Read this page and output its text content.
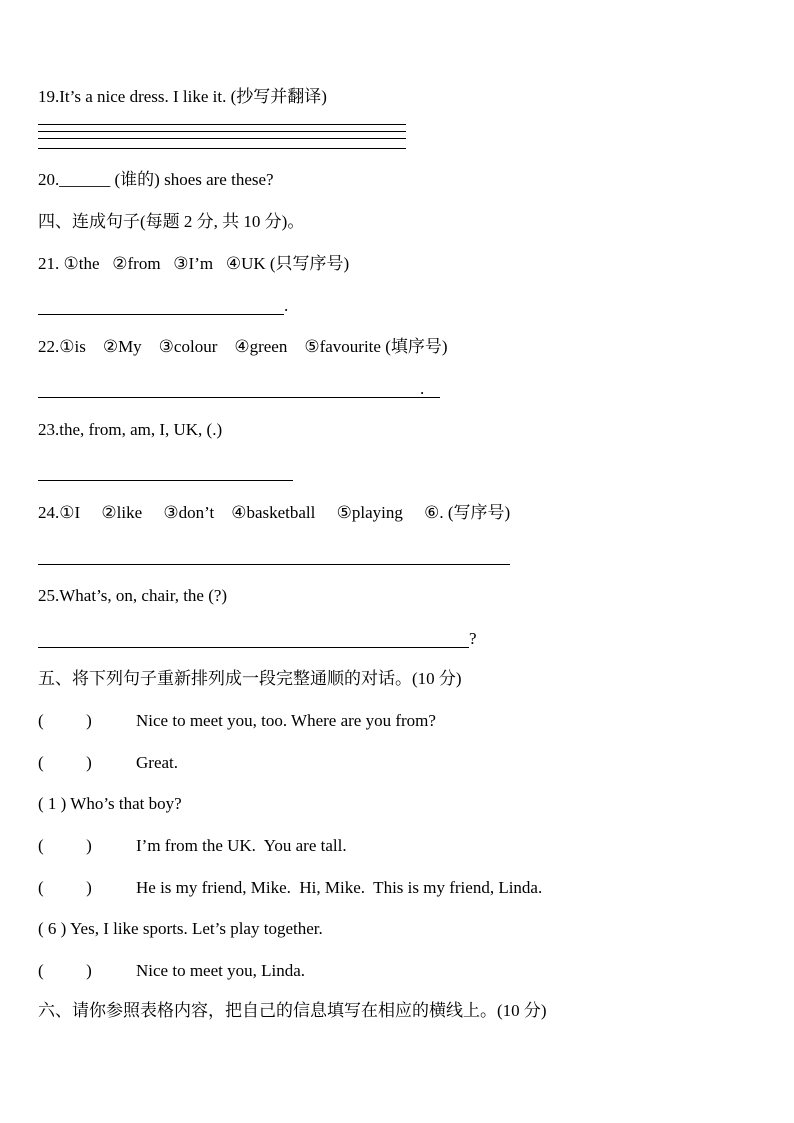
19.It’s a nice dress. I like it. (抄写并翻译)
20.______ (谁的) shoes are these?
四、连成句子(每题 2 分, 共 10 分)。
21. ①the   ②from   ③I’m   ④UK (只写序号)
.
22.①is    ②My    ③colour    ④green    ⑤favourite (填序号)
.
23.the, from, am, I, UK, (.)
24.①I     ②like     ③don’t    ④basketball     ⑤playing     ⑥. (写序号)
25.What’s, on, chair, the (?)
?
五、将下列句子重新排列成一段完整通顺的对话。(10 分)
(          )	Nice to meet you, too. Where are you from?
(          )	Great.
( 1 ) Who’s that boy?
(          )	I’m from the UK.  You are tall.
(          )	He is my friend, Mike.  Hi, Mike.  This is my friend, Linda.
( 6 ) Yes, I like sports. Let’s play together.
(          )	Nice to meet you, Linda.
六、请你参照表格内容，把自己的信息填写在相应的横线上。(10 分)
